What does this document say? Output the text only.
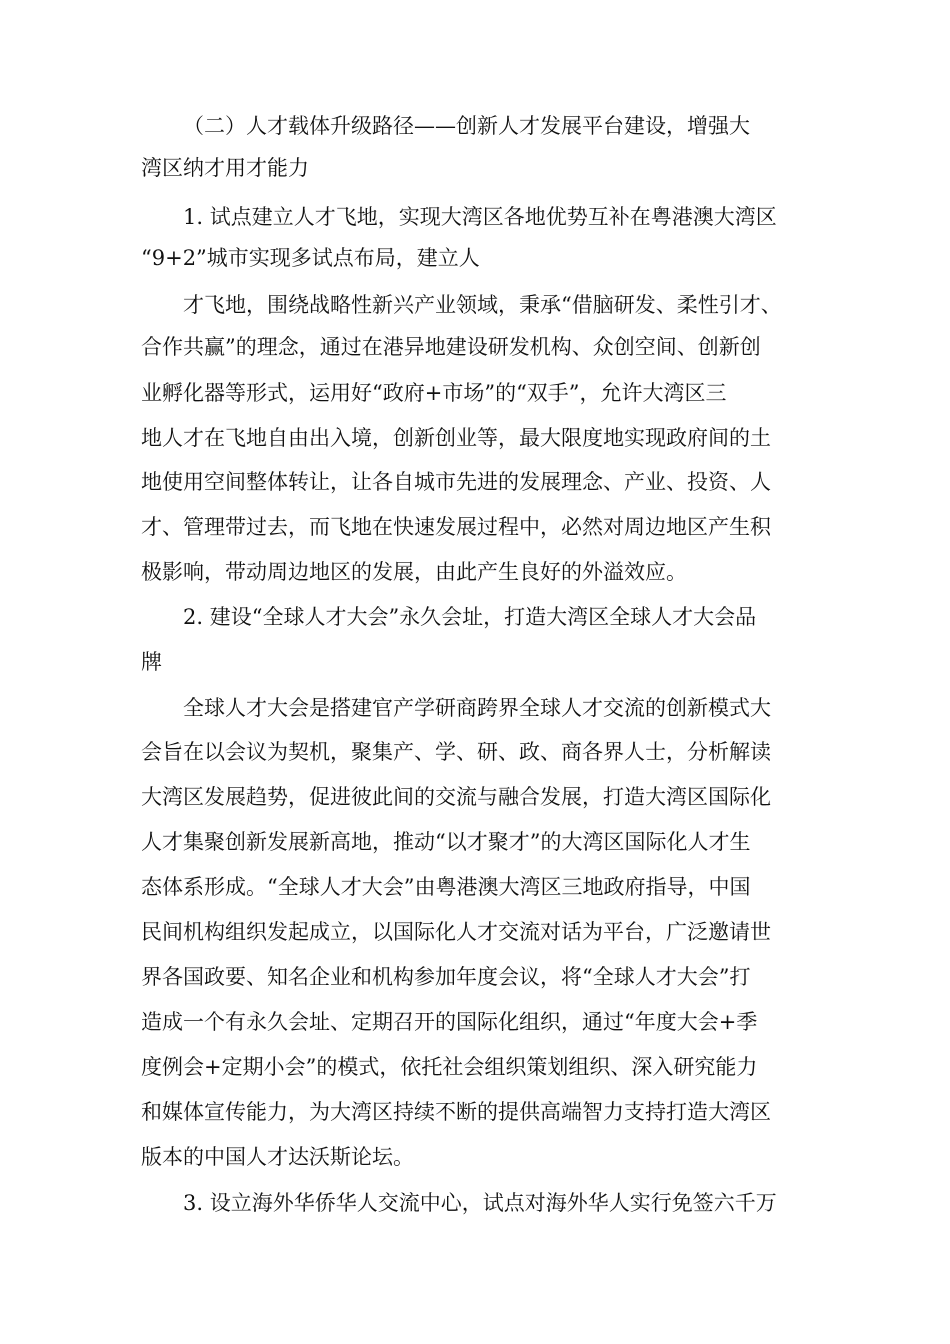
（二）人才载体升级路径——创新人才发展平台建设，增强大
湾区纳才用才能力
1. 试点建立人才飞地，实现大湾区各地优势互补在粤港澳大湾区
“9+2”城市实现多试点布局，建立人
才飞地，围绕战略性新兴产业领域，秉承“借脑研发、柔性引才、
合作共赢”的理念，通过在港异地建设研发机构、众创空间、创新创
业孵化器等形式，运用好“政府+市场”的“双手”，允许大湾区三
地人才在飞地自由出入境，创新创业等，最大限度地实现政府间的土
地使用空间整体转让，让各自城市先进的发展理念、产业、投资、人
才、管理带过去，而飞地在快速发展过程中，必然对周边地区产生积
极影响，带动周边地区的发展，由此产生良好的外溢效应。
2. 建设“全球人才大会”永久会址，打造大湾区全球人才大会品
牌
全球人才大会是搭建官产学研商跨界全球人才交流的创新模式大
会旨在以会议为契机，聚集产、学、研、政、商各界人士，分析解读
大湾区发展趋势，促进彼此间的交流与融合发展，打造大湾区国际化
人才集聚创新发展新高地，推动“以才聚才”的大湾区国际化人才生
态体系形成。“全球人才大会”由粤港澳大湾区三地政府指导，中国
民间机构组织发起成立，以国际化人才交流对话为平台，广泛邀请世
界各国政要、知名企业和机构参加年度会议，将“全球人才大会”打
造成一个有永久会址、定期召开的国际化组织，通过“年度大会+季
度例会+定期小会”的模式，依托社会组织策划组织、深入研究能力
和媒体宣传能力，为大湾区持续不断的提供高端智力支持打造大湾区
版本的中国人才达沃斯论坛。
3. 设立海外华侨华人交流中心，试点对海外华人实行免签六千万
